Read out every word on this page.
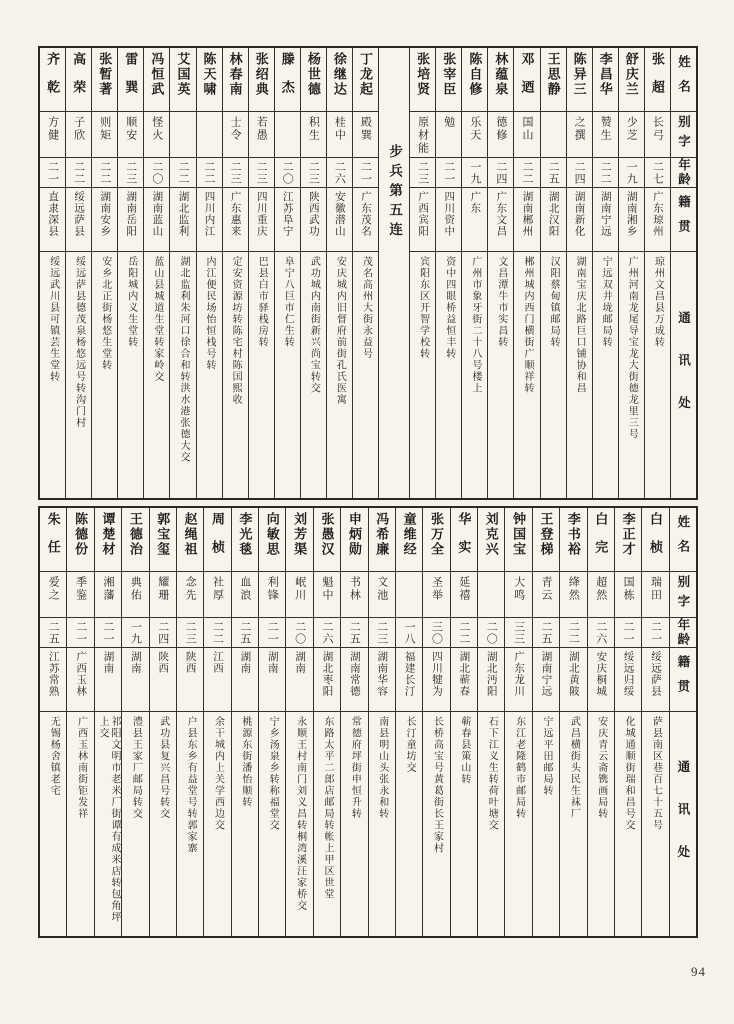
姓名
别字
年龄
籍贯
通讯处
张超
长弓
二七
广东琼州
琼州文昌县万成转
舒庆兰
少芝
一九
湖南湘乡
广州河南龙尾导宝龙大街德龙里三号
李昌华
赞生
二二
湖南宁远
宁远双井垅邮局转
陈异三
之撰
二四
湖南新化
湖南宝庆北路巨口铺协和昌
王思静
二五
湖北汉阳
汉阳蔡甸镇邮局转
邓迺
国山
二二
湖南郴州
郴州城内西门横街广顺祥转
林蕴泉
德修
二四
广东文昌
文昌潭牛市实昌转
陈自修
乐天
一九
广东
广州市象牙街二十八号楼上
张宰臣
勉
二一
四川资中
资中四眼桥益恒丰转
张培贤
原材能
二三
广西宾阳
宾阳东区开智学校转
步兵第五连
丁龙起
殿巽
二一
广东茂名
茂名高州大街永益号
徐继达
桂中
二六
安徽潜山
安庆城内旧督府前街孔氏医寓
杨世德
积生
二三
陕西武功
武功城内南街新兴尚宝转交
滕杰
二〇
江苏阜宁
阜宁八巨市仁生转
张绍典
若愚
二三
四川重庆
巴县白市驿栈房转
林春南
士令
二三
广东惠来
定安资源坊转陈宅村陈国熙收
陈天啸
二二
四川内江
内江便民场怡恒栈号转
艾国英
二二
湖北监利
湖北监利朱河口徐合和转洪水港张德大交
冯恒武
怪火
二〇
湖南蓝山
蓝山县城道生堂转家岭交
雷巽
顺安
二三
湖南岳阳
岳阳城内义生堂转
张暂著
则矩
二二
湖南安乡
安乡北正街杨悠生堂转
高荣
子欣
二二
绥远萨县
绥远萨县德茂泉杨悠远号转沟门村
齐乾
方健
二一
直隶深县
绥远武川县可镇芸生堂转
姓名
别字
年龄
籍贯
通讯处
白桢
瑞田
二一
绥远萨县
萨县南区巷百七十五号
李正才
国栋
二一
绥远归绥
化城通顺街瑞和昌号交
白完
超然
二六
安庆桐城
安庆青云斋镌画局转
李书裕
绛然
二二
湖北黄陂
武昌横街头民生袜厂
王登梯
青云
二五
湖南宁远
宁远平田邮局转
钟国宝
大鸣
三三
广东龙川
东江老隆鹤市邮局转
刘克兴
二〇
湖北沔阳
石下江义生转荷叶塘交
华实
延禧
二二
湖北蕲春
蕲春县策山转
张万全
圣举
三〇
四川犍为
长桥高宝号黄葛街长王家村
童维经
一八
福建长汀
长汀童坊交
冯希廉
文池
二三
湖南华容
南县明山头张永和转
申炳勋
书林
二五
湖南常德
常德府坪街申恒升转
张愚汉
魁中
二六
湖北枣阳
东路太平二郎店邮局转帐上甲区世堂
刘芳渠
岷川
二〇
湖南
永顺王村南门刘义昌转桐湾溪汪家桥交
向敏思
利锋
二一
湖南
宁乡汤泉乡转称福堂交
李光毯
血浪
二五
湖南
桃源东街潘怡顺转
周桢
社厚
二二
江西
余干城内上关学西边交
赵绳祖
念先
二三
陕西
户县东乡有益堂号转郭家寨
郭宝玺
耀珊
二四
陕西
武功县复兴昌号转交
王德治
典佑
一九
湖南
澧县王家厂邮局转交
谭楚材
湘藩
二一
湖南
祁阳文明市老米厂街谭有成米店转包角坪上交
陈德份
季鉴
二一
广西玉林
广西玉林南街钜发祥
朱任
爱之
二五
江苏常熟
无锡杨舍镇老宅
94
